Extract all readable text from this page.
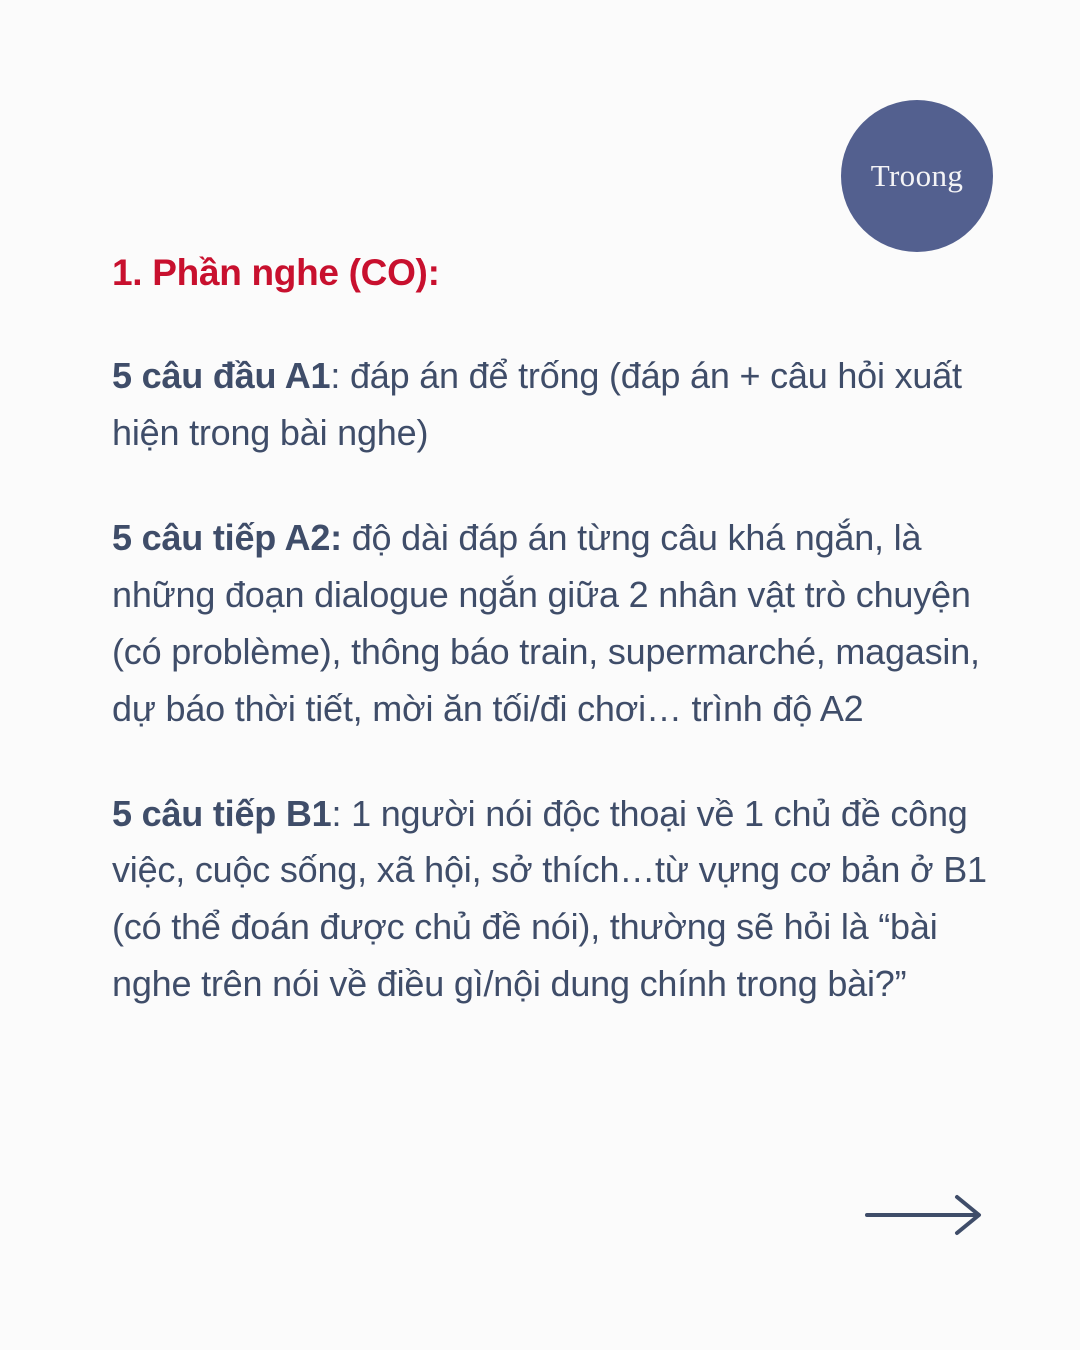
Troong
1. Phần nghe (CO):

5 câu đầu A1: đáp án để trống (đáp án + câu hỏi xuất hiện trong bài nghe)

5 câu tiếp A2: độ dài đáp án từng câu khá ngắn, là những đoạn dialogue ngắn giữa 2 nhân vật trò chuyện (có problème), thông báo train, supermarché, magasin, dự báo thời tiết, mời ăn tối/đi chơi… trình độ A2

5 câu tiếp B1: 1 người nói độc thoại về 1 chủ đề công việc, cuộc sống, xã hội, sở thích…từ vựng cơ bản ở B1 (có thể đoán được chủ đề nói), thường sẽ hỏi là “bài nghe trên nói về điều gì/nội dung chính trong bài?”
